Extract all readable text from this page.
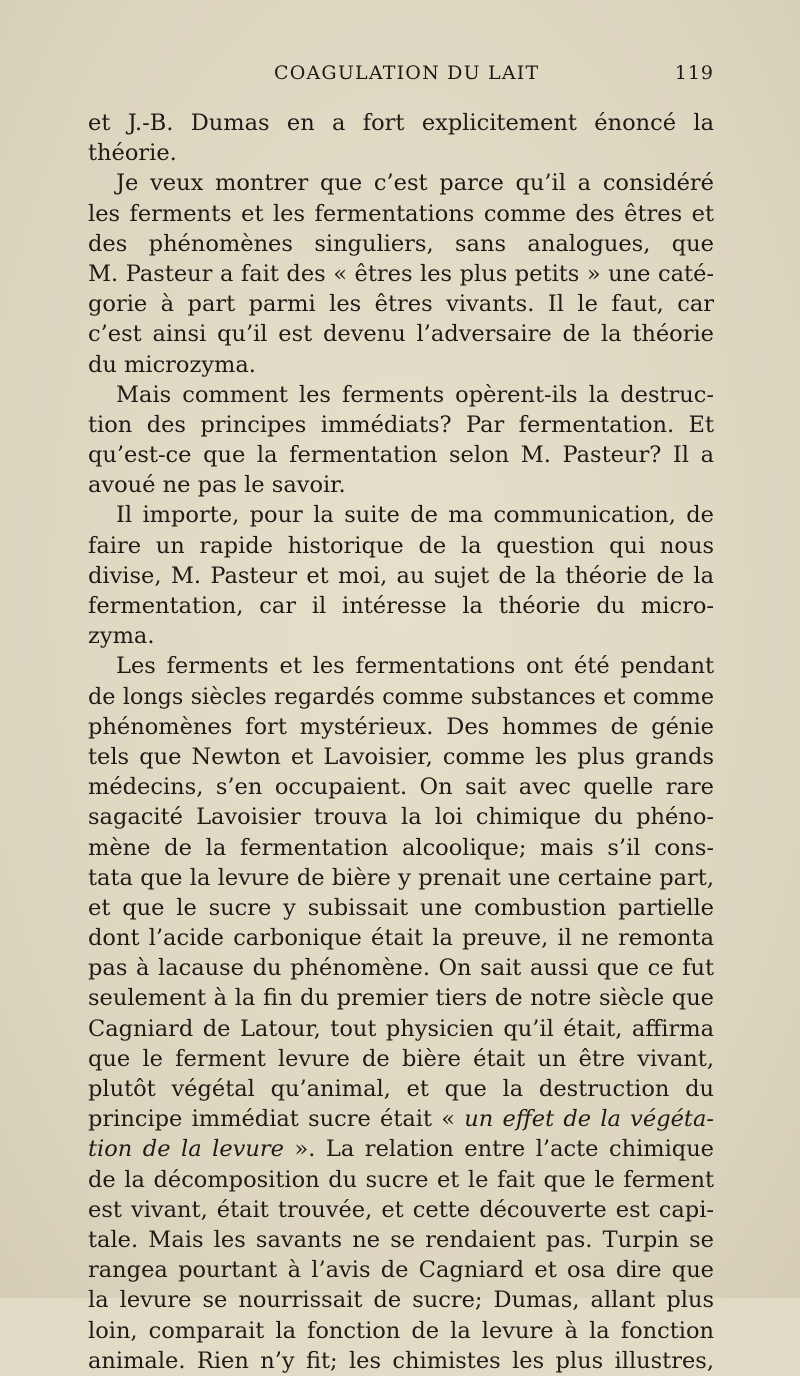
COAGULATION DU LAIT	119
et J.-B. Dumas en a fort explicitement énoncé la
théorie.
Je veux montrer que c’est parce qu’il a considéré
les ferments et les fermentations comme des êtres et
des phénomènes singuliers, sans analogues, que
M. Pasteur a fait des « êtres les plus petits » une caté-
gorie à part parmi les êtres vivants. Il le faut, car
c’est ainsi qu’il est devenu l’adversaire de la théorie
du microzyma.
Mais comment les ferments opèrent-ils la destruc-
tion des principes immédiats? Par fermentation. Et
qu’est-ce que la fermentation selon M. Pasteur? Il a
avoué ne pas le savoir.
Il importe, pour la suite de ma communication, de
faire un rapide historique de la question qui nous
divise, M. Pasteur et moi, au sujet de la théorie de la
fermentation, car il intéresse la théorie du micro-
zyma.
Les ferments et les fermentations ont été pendant
de longs siècles regardés comme substances et comme
phénomènes fort mystérieux. Des hommes de génie
tels que Newton et Lavoisier, comme les plus grands
médecins, s’en occupaient. On sait avec quelle rare
sagacité Lavoisier trouva la loi chimique du phéno-
mène de la fermentation alcoolique; mais s’il cons-
tata que la levure de bière y prenait une certaine part,
et que le sucre y subissait une combustion partielle
dont l’acide carbonique était la preuve, il ne remonta
pas à lacause du phénomène. On sait aussi que ce fut
seulement à la fin du premier tiers de notre siècle que
Cagniard de Latour, tout physicien qu’il était, affirma
que le ferment levure de bière était un être vivant,
plutôt végétal qu’animal, et que la destruction du
principe immédiat sucre était « un effet de la végéta-
tion de la levure ». La relation entre l’acte chimique
de la décomposition du sucre et le fait que le ferment
est vivant, était trouvée, et cette découverte est capi-
tale. Mais les savants ne se rendaient pas. Turpin se
rangea pourtant à l’avis de Cagniard et osa dire que
la levure se nourrissait de sucre; Dumas, allant plus
loin, comparait la fonction de la levure à la fonction
animale. Rien n’y fit; les chimistes les plus illustres,
